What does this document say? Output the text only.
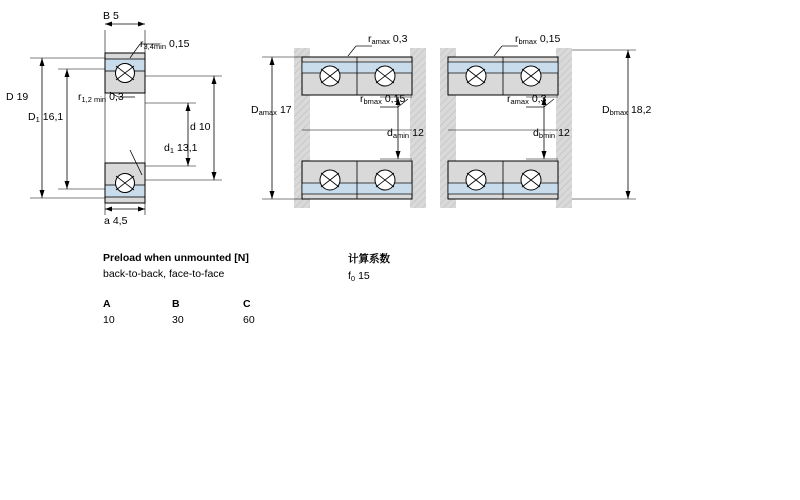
B 5
$r_{3,4min}$ 0,15
D 19	$r_{1,2 min}$ 0,3
$D_1$ 16,1
d 10
$d_1$ 13,1
a 4,5
$r_{amax}$ 0,3	$r_{bmax}$ 0,15
$D_{amax}$ 17
$r_{bmax}$ 0,15	$r_{amax}$ 0,3
$D_{bmax}$ 18,2
$d_{amin}$ 12	$d_{bmin}$ 12
Preload when unmounted [N]
back-to-back, face-to-face
A	B	C
10	30	60
计算系数
$f_0$ 15
